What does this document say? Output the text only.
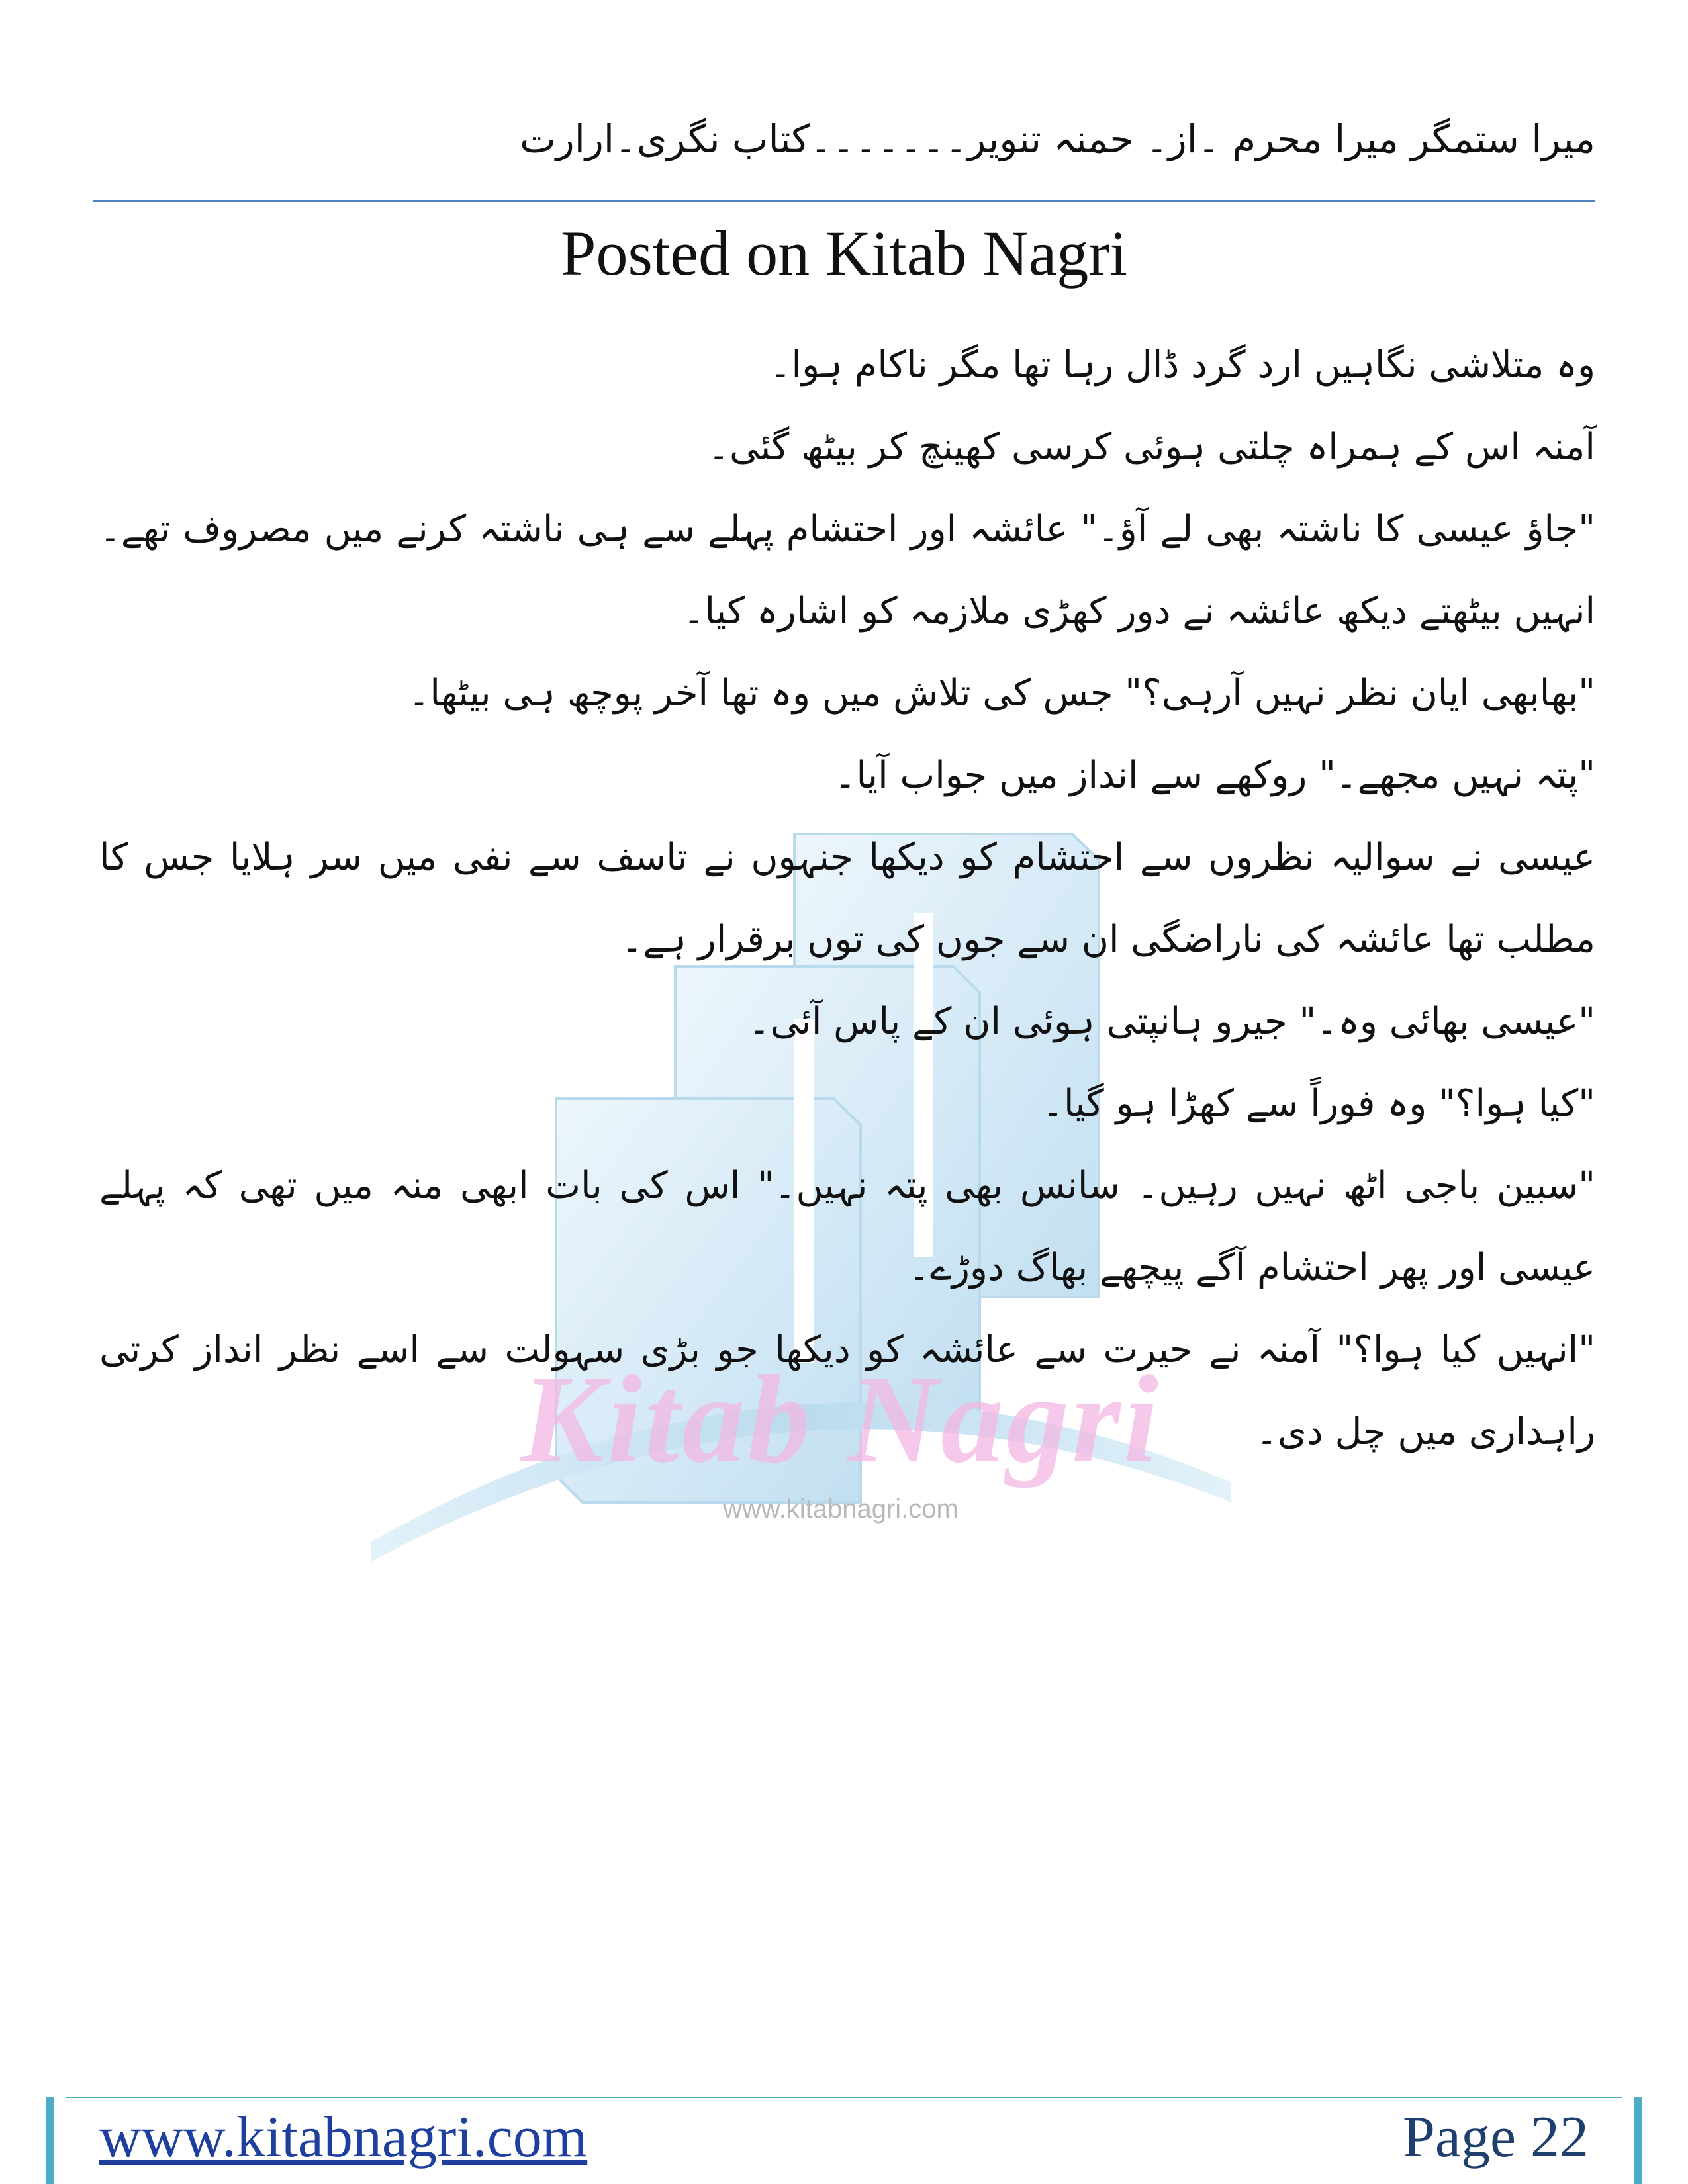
میرا ستمگر میرا محرم ۔از۔ حمنہ تنویر۔۔۔۔۔۔۔کتاب نگری۔ارارت
Posted on Kitab Nagri
Kitab Nagri
www.kitabnagri.com

وہ متلاشی نگاہیں ارد گرد ڈال رہا تھا مگر ناکام ہوا۔

آمنہ اس کے ہمراہ چلتی ہوئی کرسی کھینچ کر بیٹھ گئی۔

"جاؤ عیسی کا ناشتہ بھی لے آؤ۔" عائشہ اور احتشام پہلے سے ہی ناشتہ کرنے میں مصروف تھے۔انہیں بیٹھتے دیکھ عائشہ نے دور کھڑی ملازمہ کو اشارہ کیا۔

"بھابھی ایان نظر نہیں آرہی؟" جس کی تلاش میں وہ تھا آخر پوچھ ہی بیٹھا۔

"پتہ نہیں مجھے۔" روکھے سے انداز میں جواب آیا۔

عیسی نے سوالیہ نظروں سے احتشام کو دیکھا جنہوں نے تاسف سے نفی میں سر ہلایا جس کا مطلب تھا عائشہ کی ناراضگی ان سے جوں کی توں برقرار ہے۔

"عیسی بھائی وہ۔" جیرو ہانپتی ہوئی ان کے پاس آئی۔

"کیا ہوا؟" وہ فوراً سے کھڑا ہو گیا۔

"سبین باجی اٹھ نہیں رہیں۔ سانس بھی پتہ نہیں۔" اس کی بات ابھی منہ میں تھی کہ پہلے عیسی اور پھر احتشام آگے پیچھے بھاگ دوڑے۔

"انہیں کیا ہوا؟" آمنہ نے حیرت سے عائشہ کو دیکھا جو بڑی سہولت سے اسے نظر انداز کرتی راہداری میں چل دی۔

www.kitabnagri.com	Page 22
